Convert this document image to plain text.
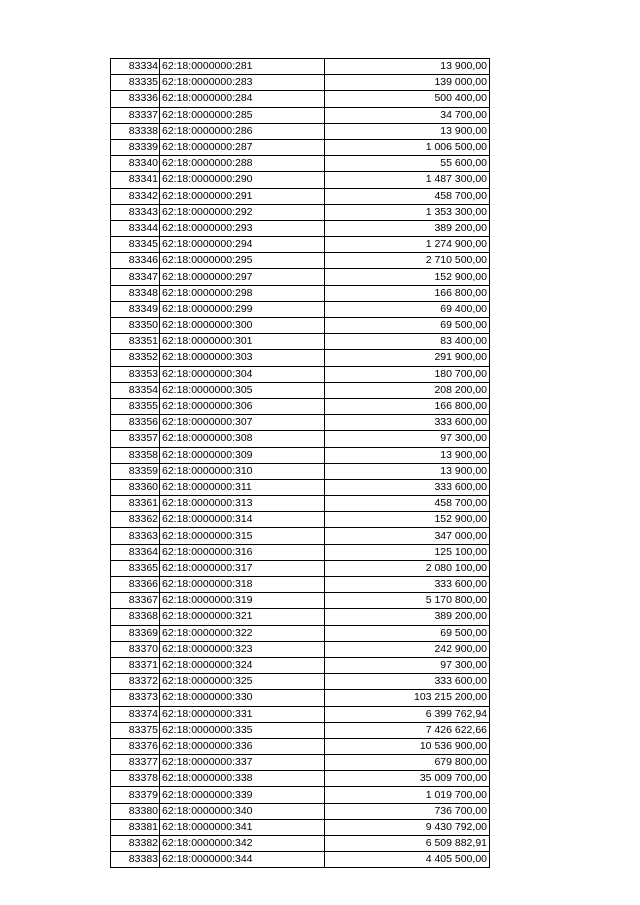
83334	62:18:0000000:281	13 900,00
83335	62:18:0000000:283	139 000,00
83336	62:18:0000000:284	500 400,00
83337	62:18:0000000:285	34 700,00
83338	62:18:0000000:286	13 900,00
83339	62:18:0000000:287	1 006 500,00
83340	62:18:0000000:288	55 600,00
83341	62:18:0000000:290	1 487 300,00
83342	62:18:0000000:291	458 700,00
83343	62:18:0000000:292	1 353 300,00
83344	62:18:0000000:293	389 200,00
83345	62:18:0000000:294	1 274 900,00
83346	62:18:0000000:295	2 710 500,00
83347	62:18:0000000:297	152 900,00
83348	62:18:0000000:298	166 800,00
83349	62:18:0000000:299	69 400,00
83350	62:18:0000000:300	69 500,00
83351	62:18:0000000:301	83 400,00
83352	62:18:0000000:303	291 900,00
83353	62:18:0000000:304	180 700,00
83354	62:18:0000000:305	208 200,00
83355	62:18:0000000:306	166 800,00
83356	62:18:0000000:307	333 600,00
83357	62:18:0000000:308	97 300,00
83358	62:18:0000000:309	13 900,00
83359	62:18:0000000:310	13 900,00
83360	62:18:0000000:311	333 600,00
83361	62:18:0000000:313	458 700,00
83362	62:18:0000000:314	152 900,00
83363	62:18:0000000:315	347 000,00
83364	62:18:0000000:316	125 100,00
83365	62:18:0000000:317	2 080 100,00
83366	62:18:0000000:318	333 600,00
83367	62:18:0000000:319	5 170 800,00
83368	62:18:0000000:321	389 200,00
83369	62:18:0000000:322	69 500,00
83370	62:18:0000000:323	242 900,00
83371	62:18:0000000:324	97 300,00
83372	62:18:0000000:325	333 600,00
83373	62:18:0000000:330	103 215 200,00
83374	62:18:0000000:331	6 399 762,94
83375	62:18:0000000:335	7 426 622,66
83376	62:18:0000000:336	10 536 900,00
83377	62:18:0000000:337	679 800,00
83378	62:18:0000000:338	35 009 700,00
83379	62:18:0000000:339	1 019 700,00
83380	62:18:0000000:340	736 700,00
83381	62:18:0000000:341	9 430 792,00
83382	62:18:0000000:342	6 509 882,91
83383	62:18:0000000:344	4 405 500,00
